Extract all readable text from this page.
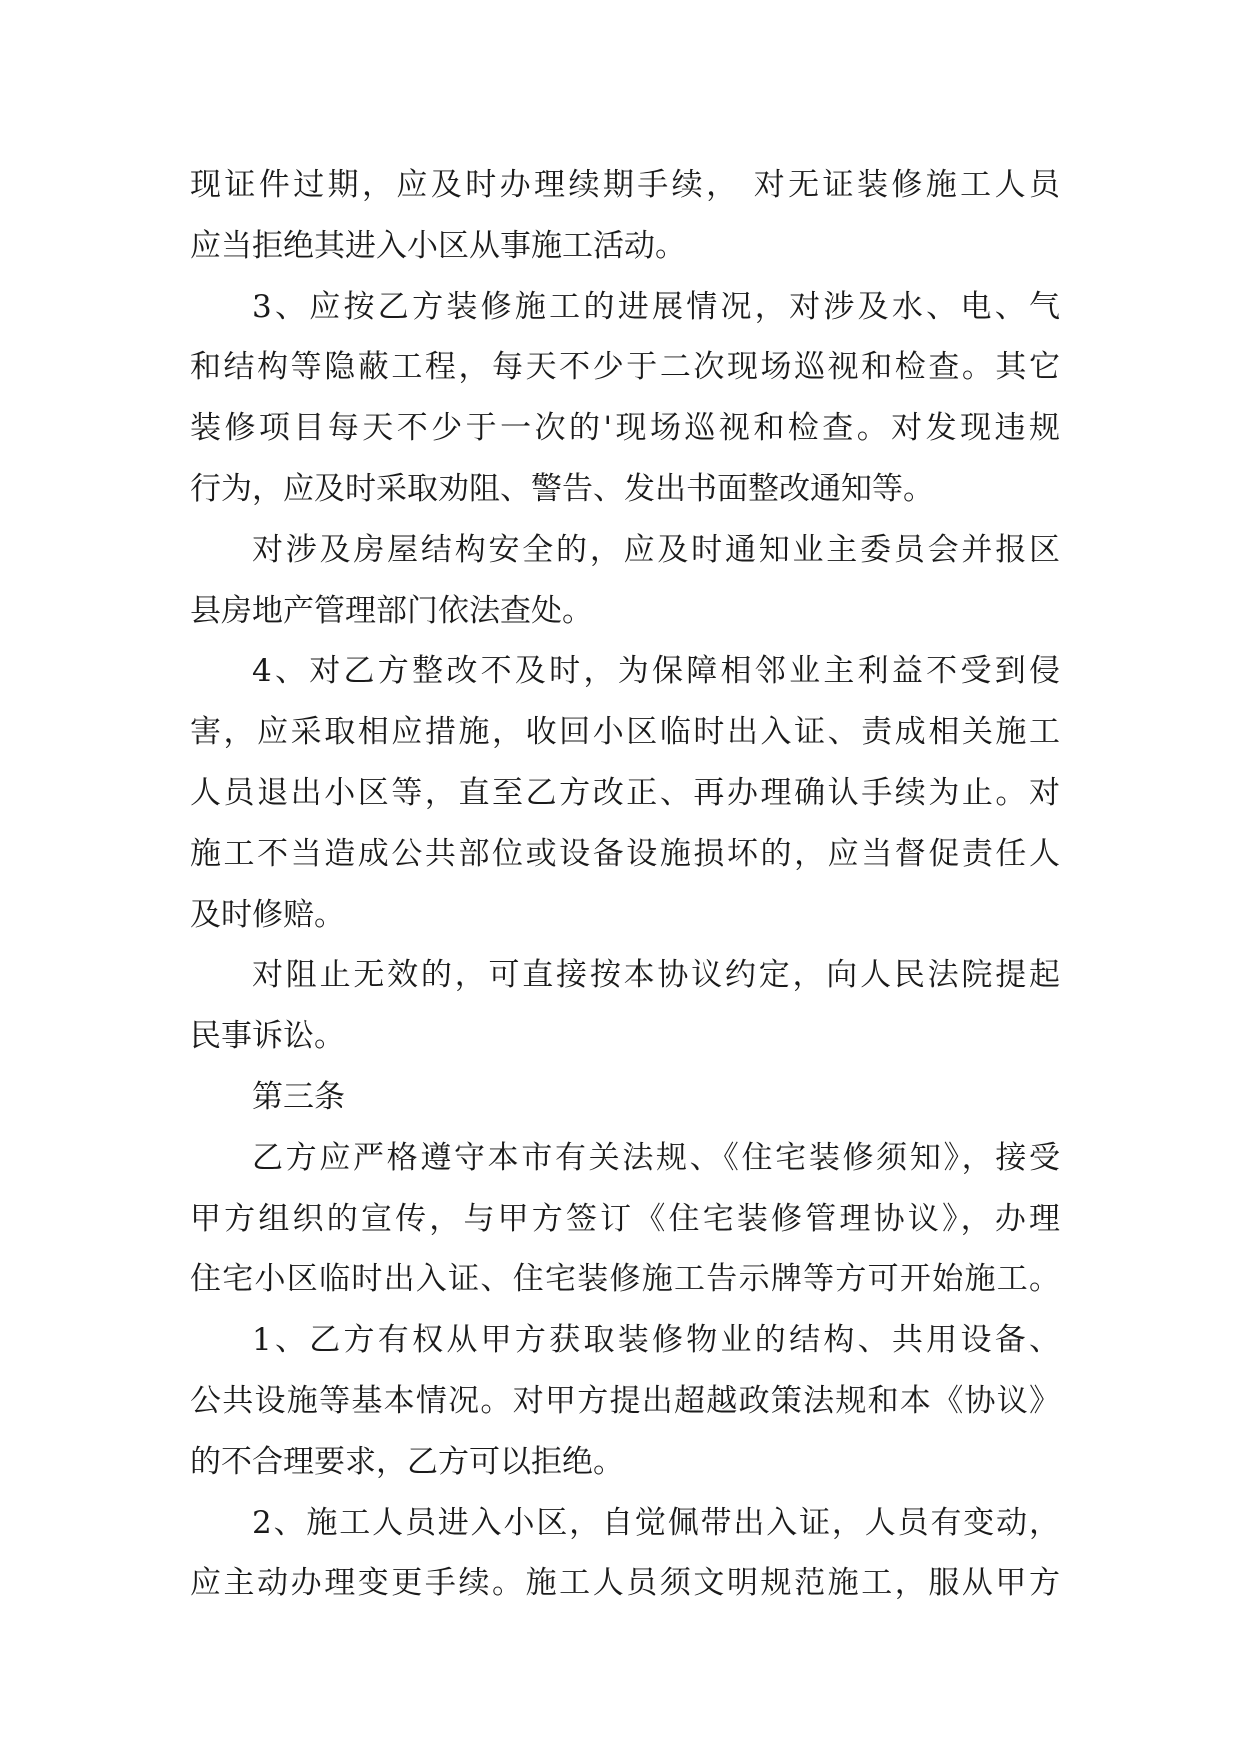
现证件过期，应及时办理续期手续， 对无证装修施工人员
应当拒绝其进入小区从事施工活动。
3、应按乙方装修施工的进展情况，对涉及水、电、气
和结构等隐蔽工程，每天不少于二次现场巡视和检查。其它
装修项目每天不少于一次的'现场巡视和检查。对发现违规
行为，应及时采取劝阻、警告、发出书面整改通知等。
对涉及房屋结构安全的，应及时通知业主委员会并报区
县房地产管理部门依法查处。
4、对乙方整改不及时，为保障相邻业主利益不受到侵
害，应采取相应措施，收回小区临时出入证、责成相关施工
人员退出小区等，直至乙方改正、再办理确认手续为止。对
施工不当造成公共部位或设备设施损坏的，应当督促责任人
及时修赔。
对阻止无效的，可直接按本协议约定，向人民法院提起
民事诉讼。
第三条
乙方应严格遵守本市有关法规、《住宅装修须知》，接受
甲方组织的宣传，与甲方签订《住宅装修管理协议》，办理
住宅小区临时出入证、住宅装修施工告示牌等方可开始施工。
1、乙方有权从甲方获取装修物业的结构、共用设备、
公共设施等基本情况。对甲方提出超越政策法规和本《协议》
的不合理要求，乙方可以拒绝。
2、施工人员进入小区，自觉佩带出入证，人员有变动，
应主动办理变更手续。施工人员须文明规范施工，服从甲方
